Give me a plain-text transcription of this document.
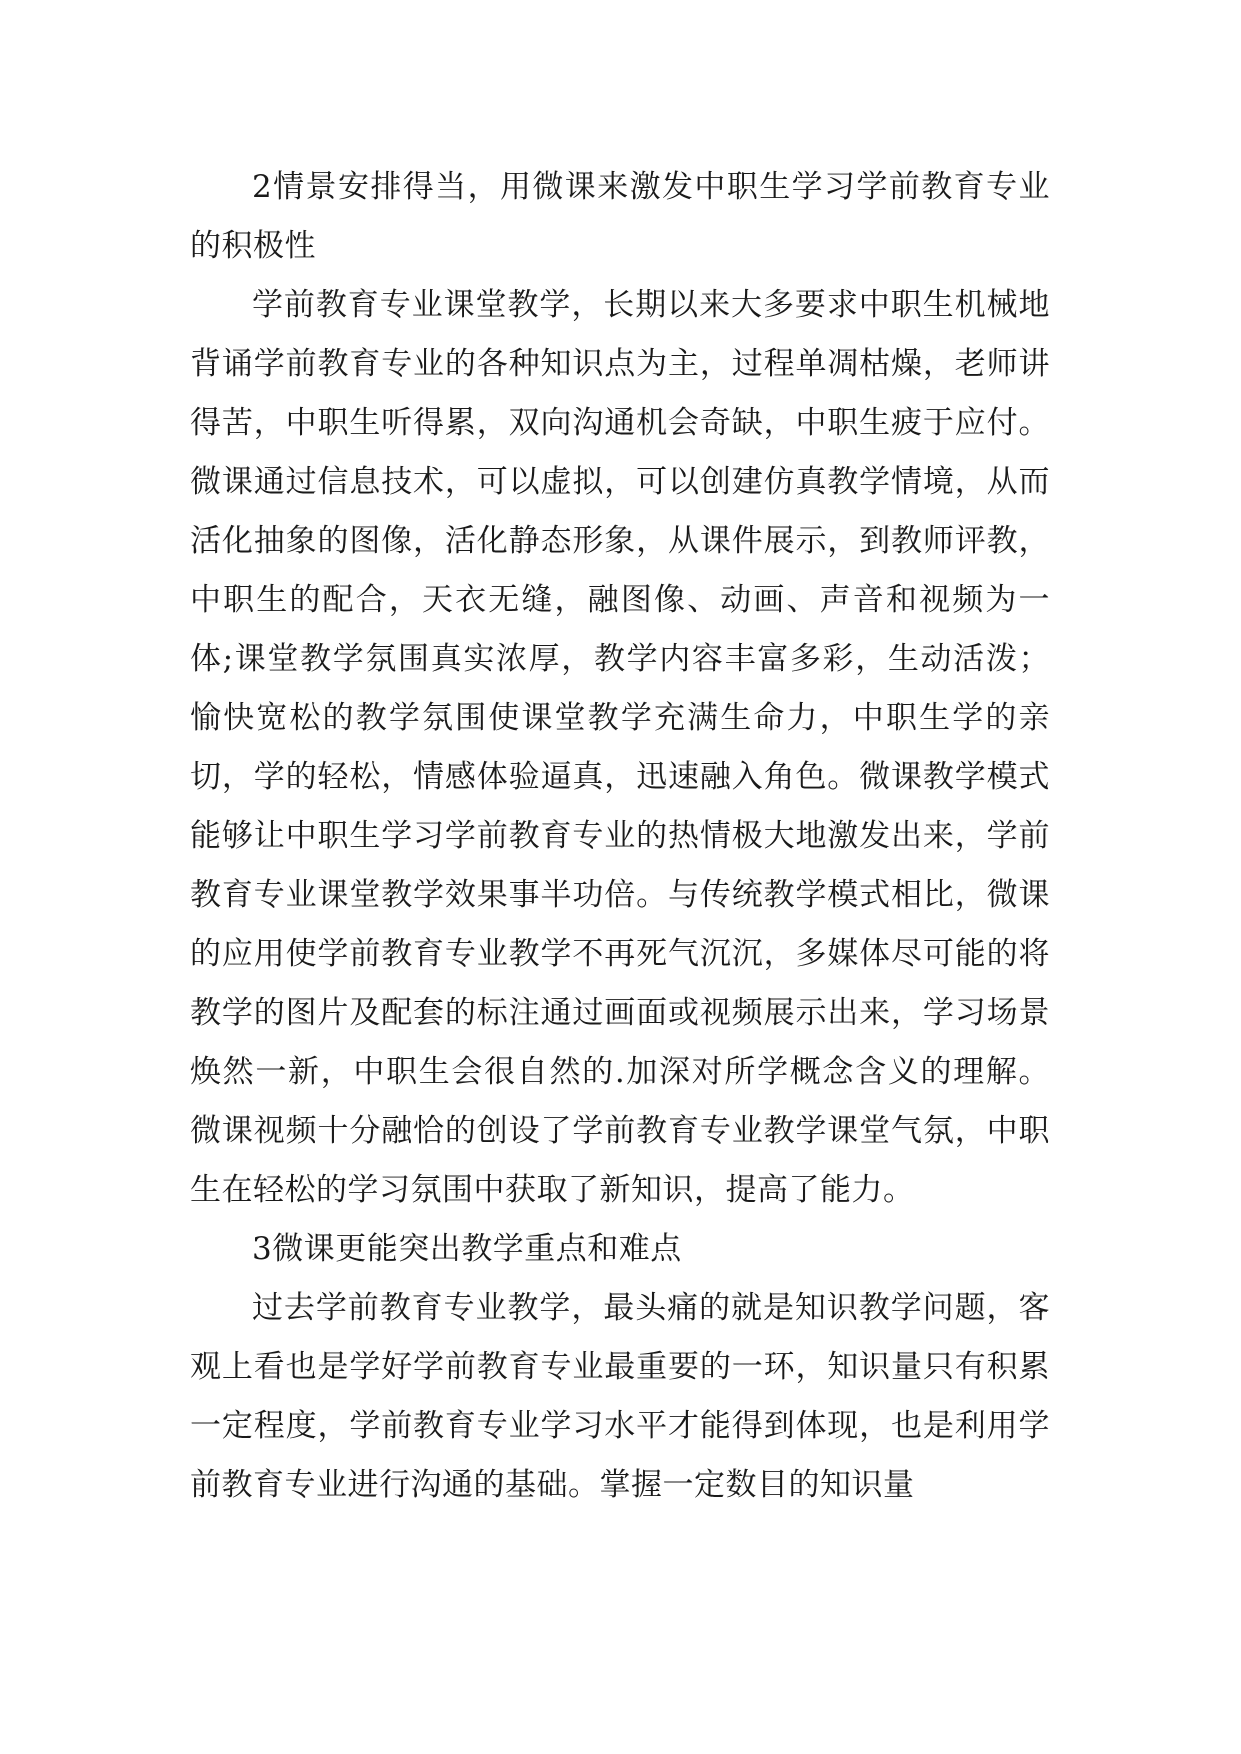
2情景安排得当，用微课来激发中职生学习学前教育专业的积极性

学前教育专业课堂教学，长期以来大多要求中职生机械地背诵学前教育专业的各种知识点为主，过程单凋枯燥，老师讲得苦，中职生听得累，双向沟通机会奇缺，中职生疲于应付。微课通过信息技术，可以虚拟，可以创建仿真教学情境，从而活化抽象的图像，活化静态形象，从课件展示，到教师评教，中职生的配合，天衣无缝，融图像、动画、声音和视频为一体;课堂教学氛围真实浓厚，教学内容丰富多彩，生动活泼；愉快宽松的教学氛围使课堂教学充满生命力，中职生学的亲切，学的轻松，情感体验逼真，迅速融入角色。微课教学模式能够让中职生学习学前教育专业的热情极大地激发出来，学前教育专业课堂教学效果事半功倍。与传统教学模式相比，微课的应用使学前教育专业教学不再死气沉沉，多媒体尽可能的将教学的图片及配套的标注通过画面或视频展示出来，学习场景焕然一新，中职生会很自然的.加深对所学概念含义的理解。微课视频十分融恰的创设了学前教育专业教学课堂气氛，中职生在轻松的学习氛围中获取了新知识，提高了能力。

3微课更能突出教学重点和难点

过去学前教育专业教学，最头痛的就是知识教学问题，客观上看也是学好学前教育专业最重要的一环，知识量只有积累一定程度，学前教育专业学习水平才能得到体现，也是利用学前教育专业进行沟通的基础。掌握一定数目的知识量
